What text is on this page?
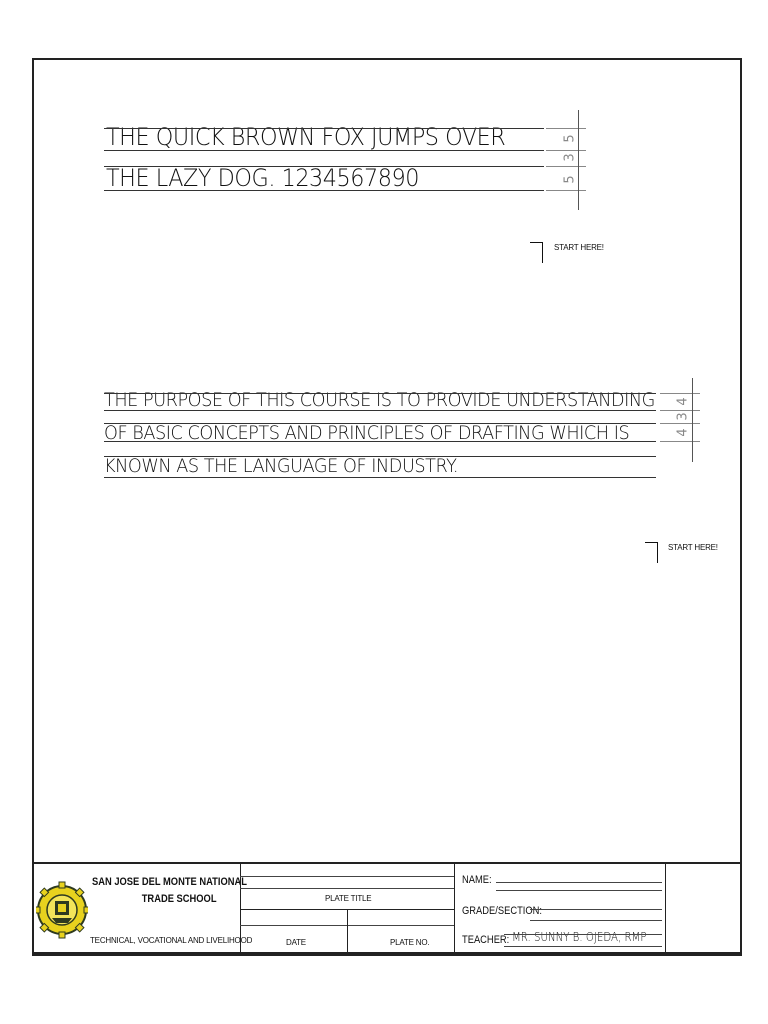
THE QUICK BROWN FOX JUMPS OVER
THE LAZY DOG. 1234567890
5
3
5
START HERE!
THE PURPOSE OF THIS COURSE IS TO PROVIDE UNDERSTANDING
OF BASIC CONCEPTS AND PRINCIPLES OF DRAFTING WHICH IS
KNOWN AS THE LANGUAGE OF INDUSTRY.
4
3
4
START HERE!
SAN JOSE DEL MONTE NATIONAL
TRADE SCHOOL
TECHNICAL, VOCATIONAL AND LIVELIHOOD
PLATE TITLE
DATE	PLATE NO.
NAME:
GRADE/SECTION:
TEACHER: MR. SUNNY B. OJEDA, RMP
